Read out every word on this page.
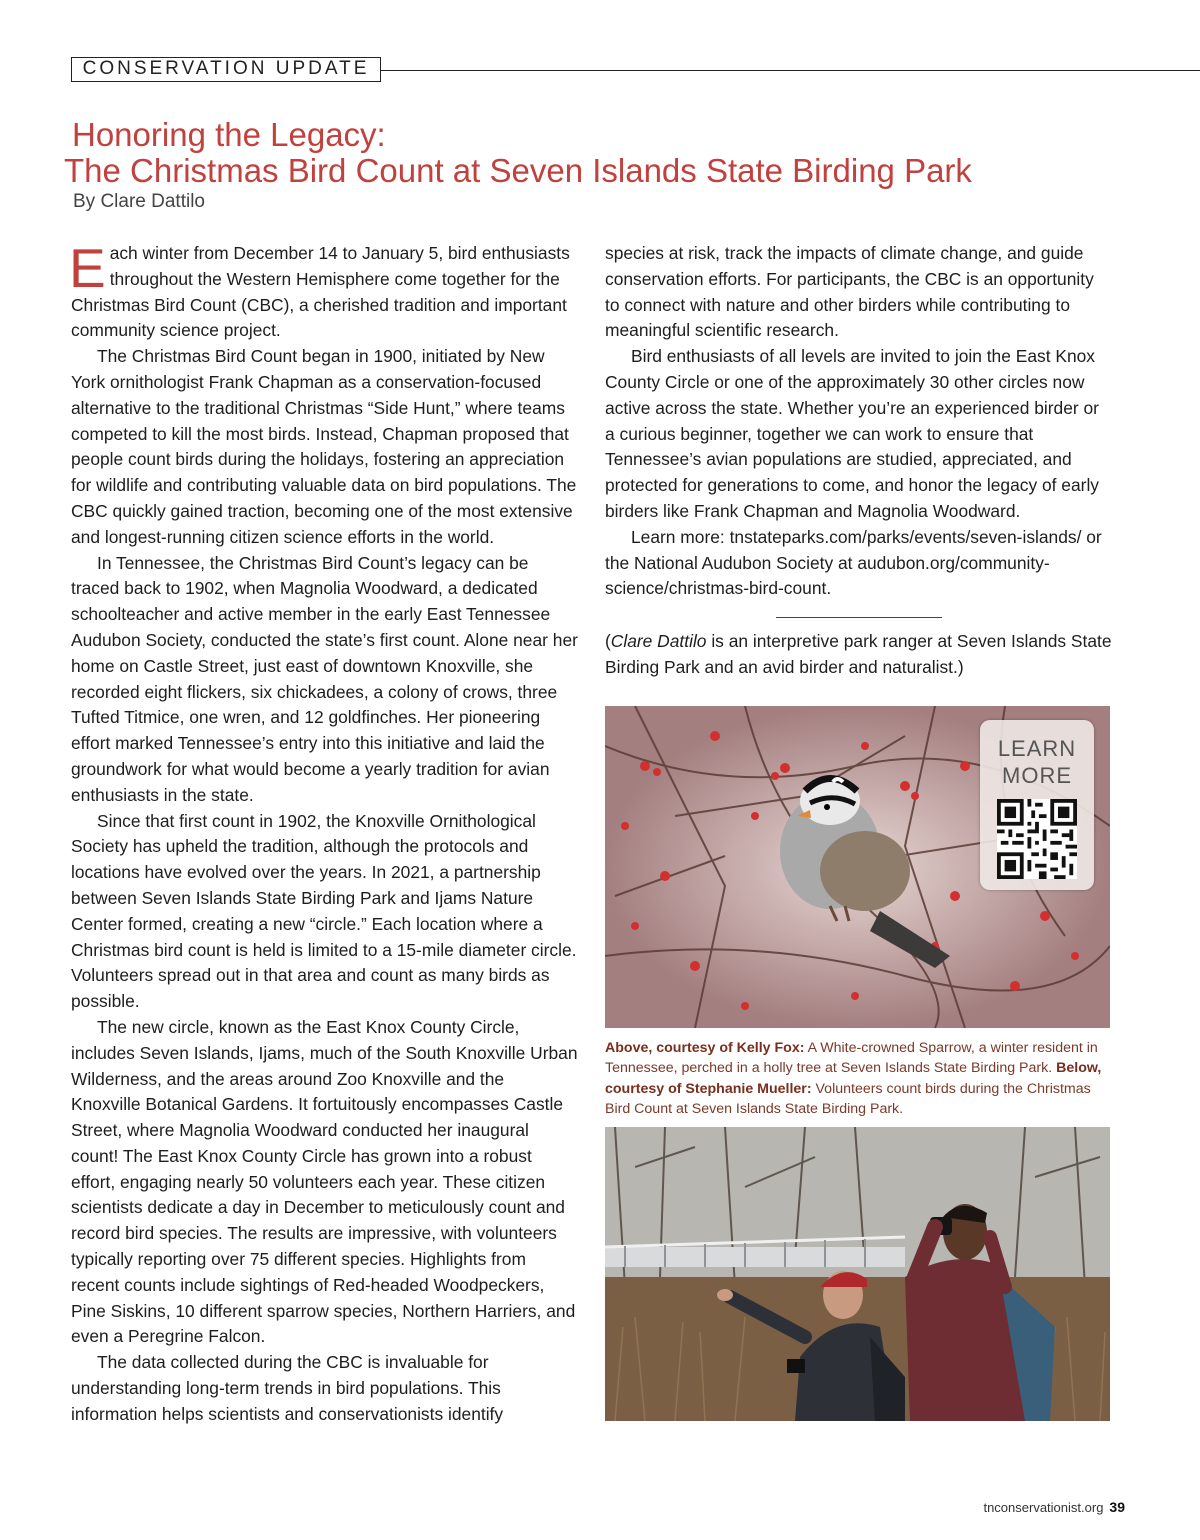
CONSERVATION UPDATE
Honoring the Legacy:
The Christmas Bird Count at Seven Islands State Birding Park
By Clare Dattilo

Each winter from December 14 to January 5, bird enthusiasts throughout the Western Hemisphere come together for the Christmas Bird Count (CBC), a cherished tradition and important community science project.

The Christmas Bird Count began in 1900, initiated by New York ornithologist Frank Chapman as a conservation-focused alternative to the traditional Christmas “Side Hunt,” where teams competed to kill the most birds. Instead, Chapman proposed that people count birds during the holidays, fostering an appreciation for wildlife and contributing valuable data on bird populations. The CBC quickly gained traction, becoming one of the most extensive and longest-running citizen science efforts in the world.

In Tennessee, the Christmas Bird Count’s legacy can be traced back to 1902, when Magnolia Woodward, a dedicated schoolteacher and active member in the early East Tennessee Audubon Society, conducted the state’s first count. Alone near her home on Castle Street, just east of downtown Knoxville, she recorded eight flickers, six chickadees, a colony of crows, three Tufted Titmice, one wren, and 12 goldfinches. Her pioneering effort marked Tennessee’s entry into this initiative and laid the groundwork for what would become a yearly tradition for avian enthusiasts in the state.

Since that first count in 1902, the Knoxville Ornithological Society has upheld the tradition, although the protocols and locations have evolved over the years. In 2021, a partnership between Seven Islands State Birding Park and Ijams Nature Center formed, creating a new “circle.” Each location where a Christmas bird count is held is limited to a 15-mile diameter circle. Volunteers spread out in that area and count as many birds as possible.

The new circle, known as the East Knox County Circle, includes Seven Islands, Ijams, much of the South Knoxville Urban Wilderness, and the areas around Zoo Knoxville and the Knoxville Botanical Gardens. It fortuitously encompasses Castle Street, where Magnolia Woodward conducted her inaugural count! The East Knox County Circle has grown into a robust effort, engaging nearly 50 volunteers each year. These citizen scientists dedicate a day in December to meticulously count and record bird species. The results are impressive, with volunteers typically reporting over 75 different species. Highlights from recent counts include sightings of Red-headed Woodpeckers, Pine Siskins, 10 different sparrow species, Northern Harriers, and even a Peregrine Falcon.

The data collected during the CBC is invaluable for understanding long-term trends in bird populations. This information helps scientists and conservationists identify

species at risk, track the impacts of climate change, and guide conservation efforts. For participants, the CBC is an opportunity to connect with nature and other birders while contributing to meaningful scientific research.

Bird enthusiasts of all levels are invited to join the East Knox County Circle or one of the approximately 30 other circles now active across the state. Whether you’re an experienced birder or a curious beginner, together we can work to ensure that Tennessee’s avian populations are studied, appreciated, and protected for generations to come, and honor the legacy of early birders like Frank Chapman and Magnolia Woodward.

Learn more: tnstateparks.com/parks/events/seven-islands/ or the National Audubon Society at audubon.org/community-science/christmas-bird-count.

(Clare Dattilo is an interpretive park ranger at Seven Islands State Birding Park and an avid birder and naturalist.)

LEARN
MORE
Above, courtesy of Kelly Fox: A White-crowned Sparrow, a winter resident in Tennessee, perched in a holly tree at Seven Islands State Birding Park. Below, courtesy of Stephanie Mueller: Volunteers count birds during the Christmas Bird Count at Seven Islands State Birding Park.
tnconservationist.org 39
